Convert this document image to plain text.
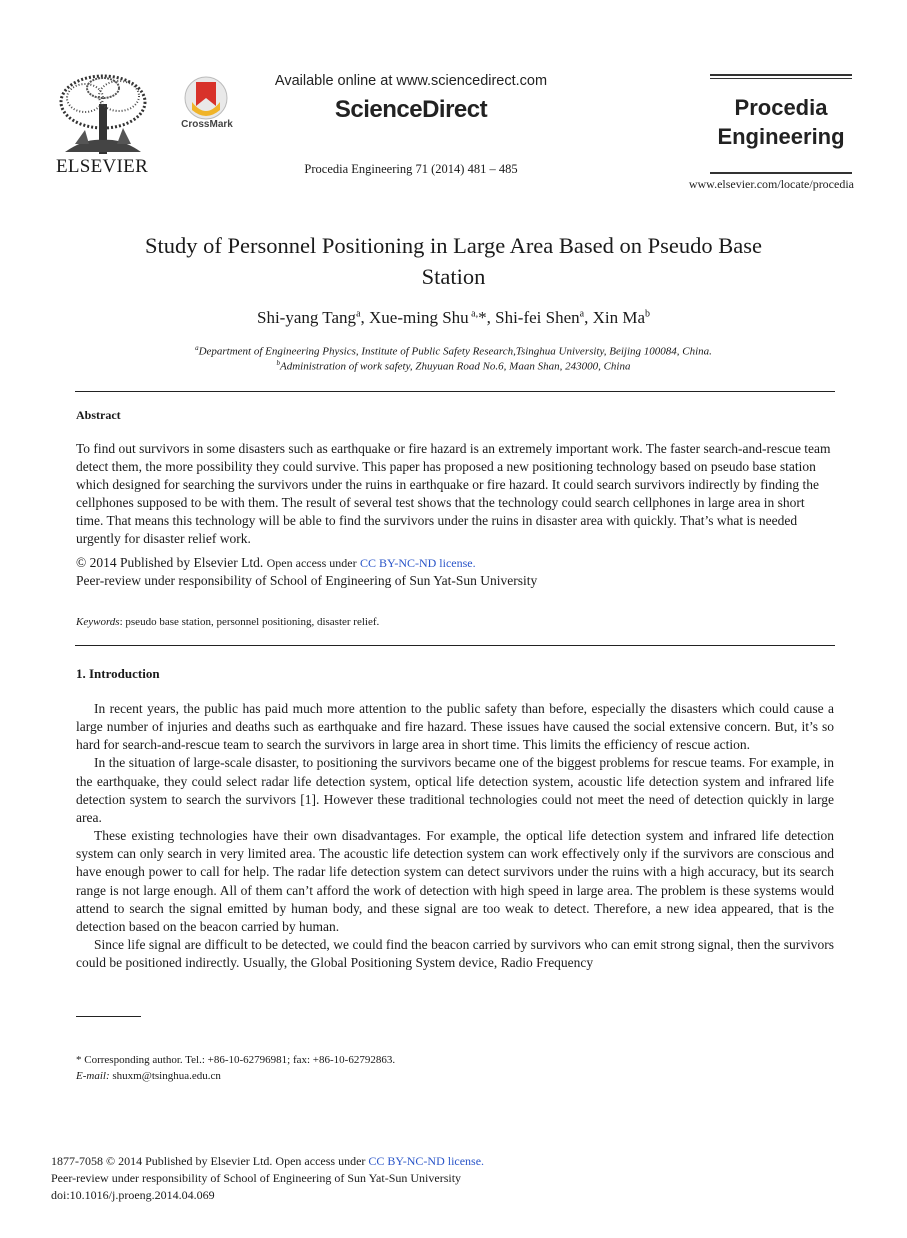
ELSEVIER
CrossMark
Available online at www.sciencedirect.com
ScienceDirect
Procedia Engineering 71 (2014) 481 – 485
Procedia
Engineering
www.elsevier.com/locate/procedia
Study of Personnel Positioning in Large Area Based on Pseudo Base
Station
Shi-yang Tang$^a$, Xue-ming Shu $^{a,}$*, Shi-fei Shen$^a$, Xin Ma$^b$
$^a$Department of Engineering Physics, Institute of Public Safety Research,Tsinghua University, Beijing 100084, China.
$^b$Administration of work safety, Zhuyuan Road No.6, Maan Shan, 243000, China
Abstract
To find out survivors in some disasters such as earthquake or fire hazard is an extremely important work. The faster search-and-rescue team detect them, the more possibility they could survive. This paper has proposed a new positioning technology based on pseudo base station which designed for searching the survivors under the ruins in earthquake or fire hazard. It could search survivors indirectly by finding the cellphones supposed to be with them. The result of several test shows that the technology could search cellphones in large area in short time. That means this technology will be able to find the survivors under the ruins in disaster area with quickly. That’s what is needed urgently for disaster relief work.
© 2014 Published by Elsevier Ltd. Open access under CC BY-NC-ND license.
Peer-review under responsibility of School of Engineering of Sun Yat-Sun University
Keywords: pseudo base station, personnel positioning, disaster relief.
1. Introduction

In recent years, the public has paid much more attention to the public safety than before, especially the disasters which could cause a large number of injuries and deaths such as earthquake and fire hazard. These issues have caused the social extensive concern. But, it’s so hard for search-and-rescue team to search the survivors in large area in short time. This limits the efficiency of rescue action.

In the situation of large-scale disaster, to positioning the survivors became one of the biggest problems for rescue teams. For example, in the earthquake, they could select radar life detection system, optical life detection system, acoustic life detection system and infrared life detection system to search the survivors [1]. However these traditional technologies could not meet the need of detection quickly in large area.

These existing technologies have their own disadvantages. For example, the optical life detection system and infrared life detection system can only search in very limited area. The acoustic life detection system can work effectively only if the survivors are conscious and have enough power to call for help. The radar life detection system can detect survivors under the ruins with a high accuracy, but its search range is not large enough. All of them can’t afford the work of detection with high speed in large area. The problem is these systems would attend to search the signal emitted by human body, and these signal are too weak to detect. Therefore, a new idea appeared, that is the detection based on the beacon carried by human.

Since life signal are difficult to be detected, we could find the beacon carried by survivors who can emit strong signal, then the survivors could be positioned indirectly. Usually, the Global Positioning System device, Radio Frequency

* Corresponding author. Tel.: +86-10-62796981; fax: +86-10-62792863.
E-mail: shuxm@tsinghua.edu.cn
1877-7058 © 2014 Published by Elsevier Ltd. Open access under CC BY-NC-ND license.
Peer-review under responsibility of School of Engineering of Sun Yat-Sun University
doi:10.1016/j.proeng.2014.04.069
